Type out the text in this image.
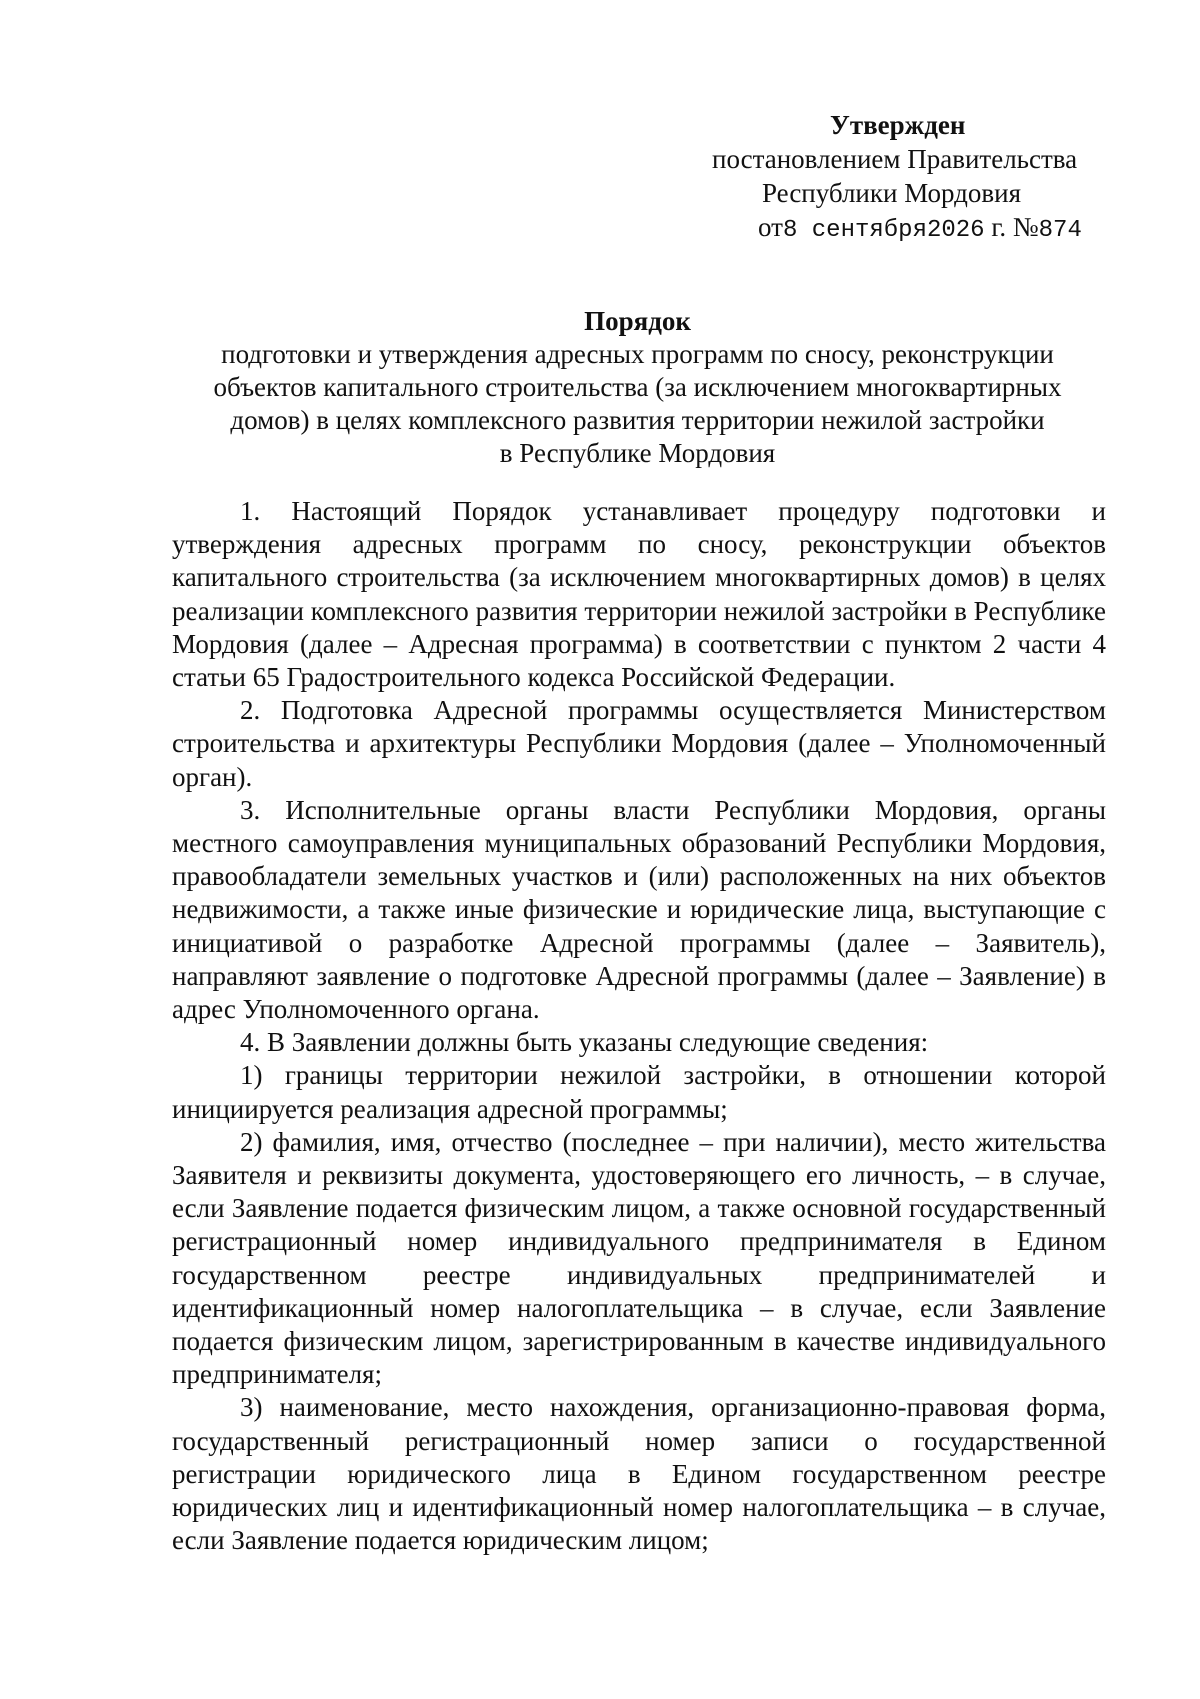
Утвержден
постановлением Правительства
Республики Мордовия
от8 сентября2026 г. №874
Порядок
подготовки и утверждения адресных программ по сносу, реконструкции
объектов капитального строительства (за исключением многоквартирных
домов) в целях комплексного развития территории нежилой застройки
в Республике Мордовия

1. Настоящий Порядок устанавливает процедуру подготовки и утверждения адресных программ по сносу, реконструкции объектов капитального строительства (за исключением многоквартирных домов) в целях реализации комплексного развития территории нежилой застройки в Республике Мордовия (далее – Адресная программа) в соответствии с пунктом 2 части 4 статьи 65 Градостроительного кодекса Российской Федерации.

2. Подготовка Адресной программы осуществляется Министерством строительства и архитектуры Республики Мордовия (далее – Уполномоченный орган).

3. Исполнительные органы власти Республики Мордовия, органы местного самоуправления муниципальных образований Республики Мордовия, правообладатели земельных участков и (или) расположенных на них объектов недвижимости, а также иные физические и юридические лица, выступающие с инициативой о разработке Адресной программы (далее – Заявитель), направляют заявление о подготовке Адресной программы (далее – Заявление) в адрес Уполномоченного органа.

4. В Заявлении должны быть указаны следующие сведения:

1) границы территории нежилой застройки, в отношении которой инициируется реализация адресной программы;

2) фамилия, имя, отчество (последнее – при наличии), место жительства Заявителя и реквизиты документа, удостоверяющего его личность, – в случае, если Заявление подается физическим лицом, а также основной государственный регистрационный номер индивидуального предпринимателя в Едином государственном реестре индивидуальных предпринимателей и идентификационный номер налогоплательщика – в случае, если Заявление подается физическим лицом, зарегистрированным в качестве индивидуального предпринимателя;

3) наименование, место нахождения, организационно-правовая форма, государственный регистрационный номер записи о государственной регистрации юридического лица в Едином государственном реестре юридических лиц и идентификационный номер налогоплательщика – в случае, если Заявление подается юридическим лицом;
